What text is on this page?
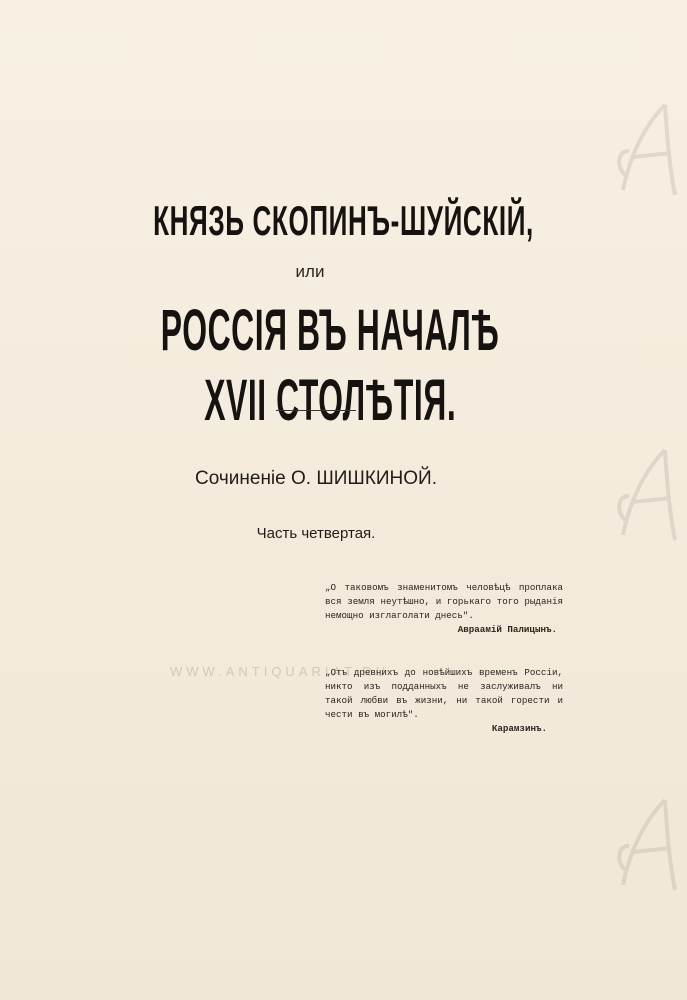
КНЯЗЬ СКОПИНЪ-ШУЙСКІЙ,
или
РОССІЯ ВЪ НАЧАЛѢ XVII СТОЛѢТІЯ.
Сочиненіе О. ШИШКИНОЙ.
Часть четвертая.
„О таковомъ знаменитомъ человѣцѣ проплака вся земля неутѣшно, и горькаго того рыданія немощно изглаголати днесь".
Авраамій Палицынъ.
WWW.ANTIQUARIAT.RU
„Отъ древнихъ до новѣйшихъ временъ Россіи, никто изъ подданныхъ не заслуживалъ ни такой любви въ жизни, ни такой горести и чести въ могилѣ".
Карамзинъ.
